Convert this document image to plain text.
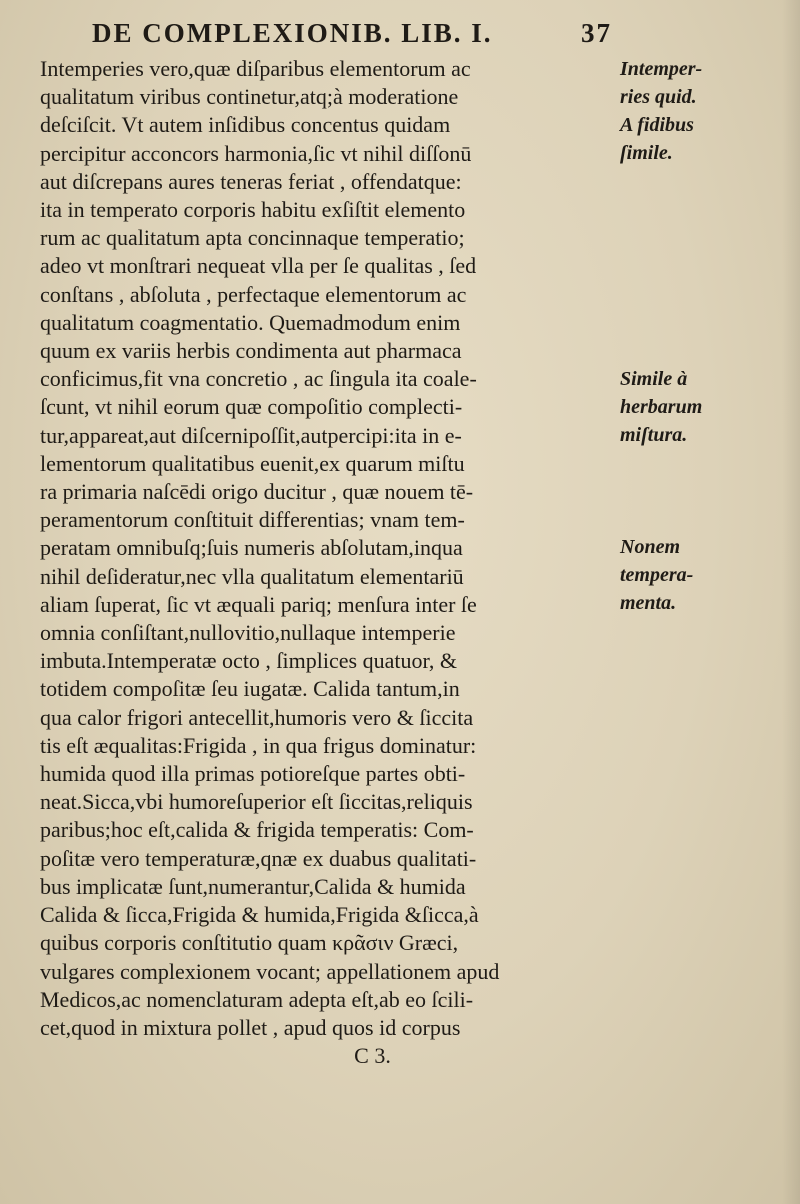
DE COMPLEXIONIB. LIB. I.	37
Intemperies vero,quæ diſparibus elementorum ac
qualitatum viribus continetur,atq;à moderatione
deſciſcit. Vt autem inſidibus concentus quidam
percipitur acconcors harmonia,ſic vt nihil diſſonū
aut diſcrepans aures teneras feriat , offendatque:
ita in temperato corporis habitu exſiſtit elemento
rum ac qualitatum apta concinnaque temperatio;
adeo vt monſtrari nequeat vlla per ſe qualitas , ſed
conſtans , abſoluta , perfectaque elementorum ac
qualitatum coagmentatio. Quemadmodum enim
quum ex variis herbis condimenta aut pharmaca
conficimus,fit vna concretio , ac ſingula ita coale-
ſcunt, vt nihil eorum quæ compoſitio complecti-
tur,appareat,aut diſcernipoſſit,autpercipi:ita in e-
lementorum qualitatibus euenit,ex quarum miſtu
ra primaria naſcēdi origo ducitur , quæ nouem tē-
peramentorum conſtituit differentias; vnam tem-
peratam omnibuſq;ſuis numeris abſolutam,inqua
nihil deſideratur,nec vlla qualitatum elementariū
aliam ſuperat, ſic vt æquali pariq; menſura inter ſe
omnia conſiſtant,nullovitio,nullaque intemperie
imbuta.Intemperatæ octo , ſimplices quatuor, &
totidem compoſitæ ſeu iugatæ. Calida tantum,in
qua calor frigori antecellit,humoris vero & ſiccita
tis eſt æqualitas:Frigida , in qua frigus dominatur:
humida quod illa primas potioreſque partes obti-
neat.Sicca,vbi humoreſuperior eſt ſiccitas,reliquis
paribus;hoc eſt,calida & frigida temperatis: Com-
poſitæ vero temperaturæ,qnæ ex duabus qualitati-
bus implicatæ ſunt,numerantur,Calida & humida
Calida & ſicca,Frigida & humida,Frigida &ſicca,à
quibus corporis conſtitutio quam κρᾶσιν Græci,
vulgares complexionem vocant; appellationem apud
Medicos,ac nomenclaturam adepta eſt,ab eo ſcili-
cet,quod in mixtura pollet , apud quos id corpus
C 3.
Intemper-
ries quid.
A fidibus
ſimile.
Simile à
herbarum
miſtura.
Nonem
tempera-
menta.
